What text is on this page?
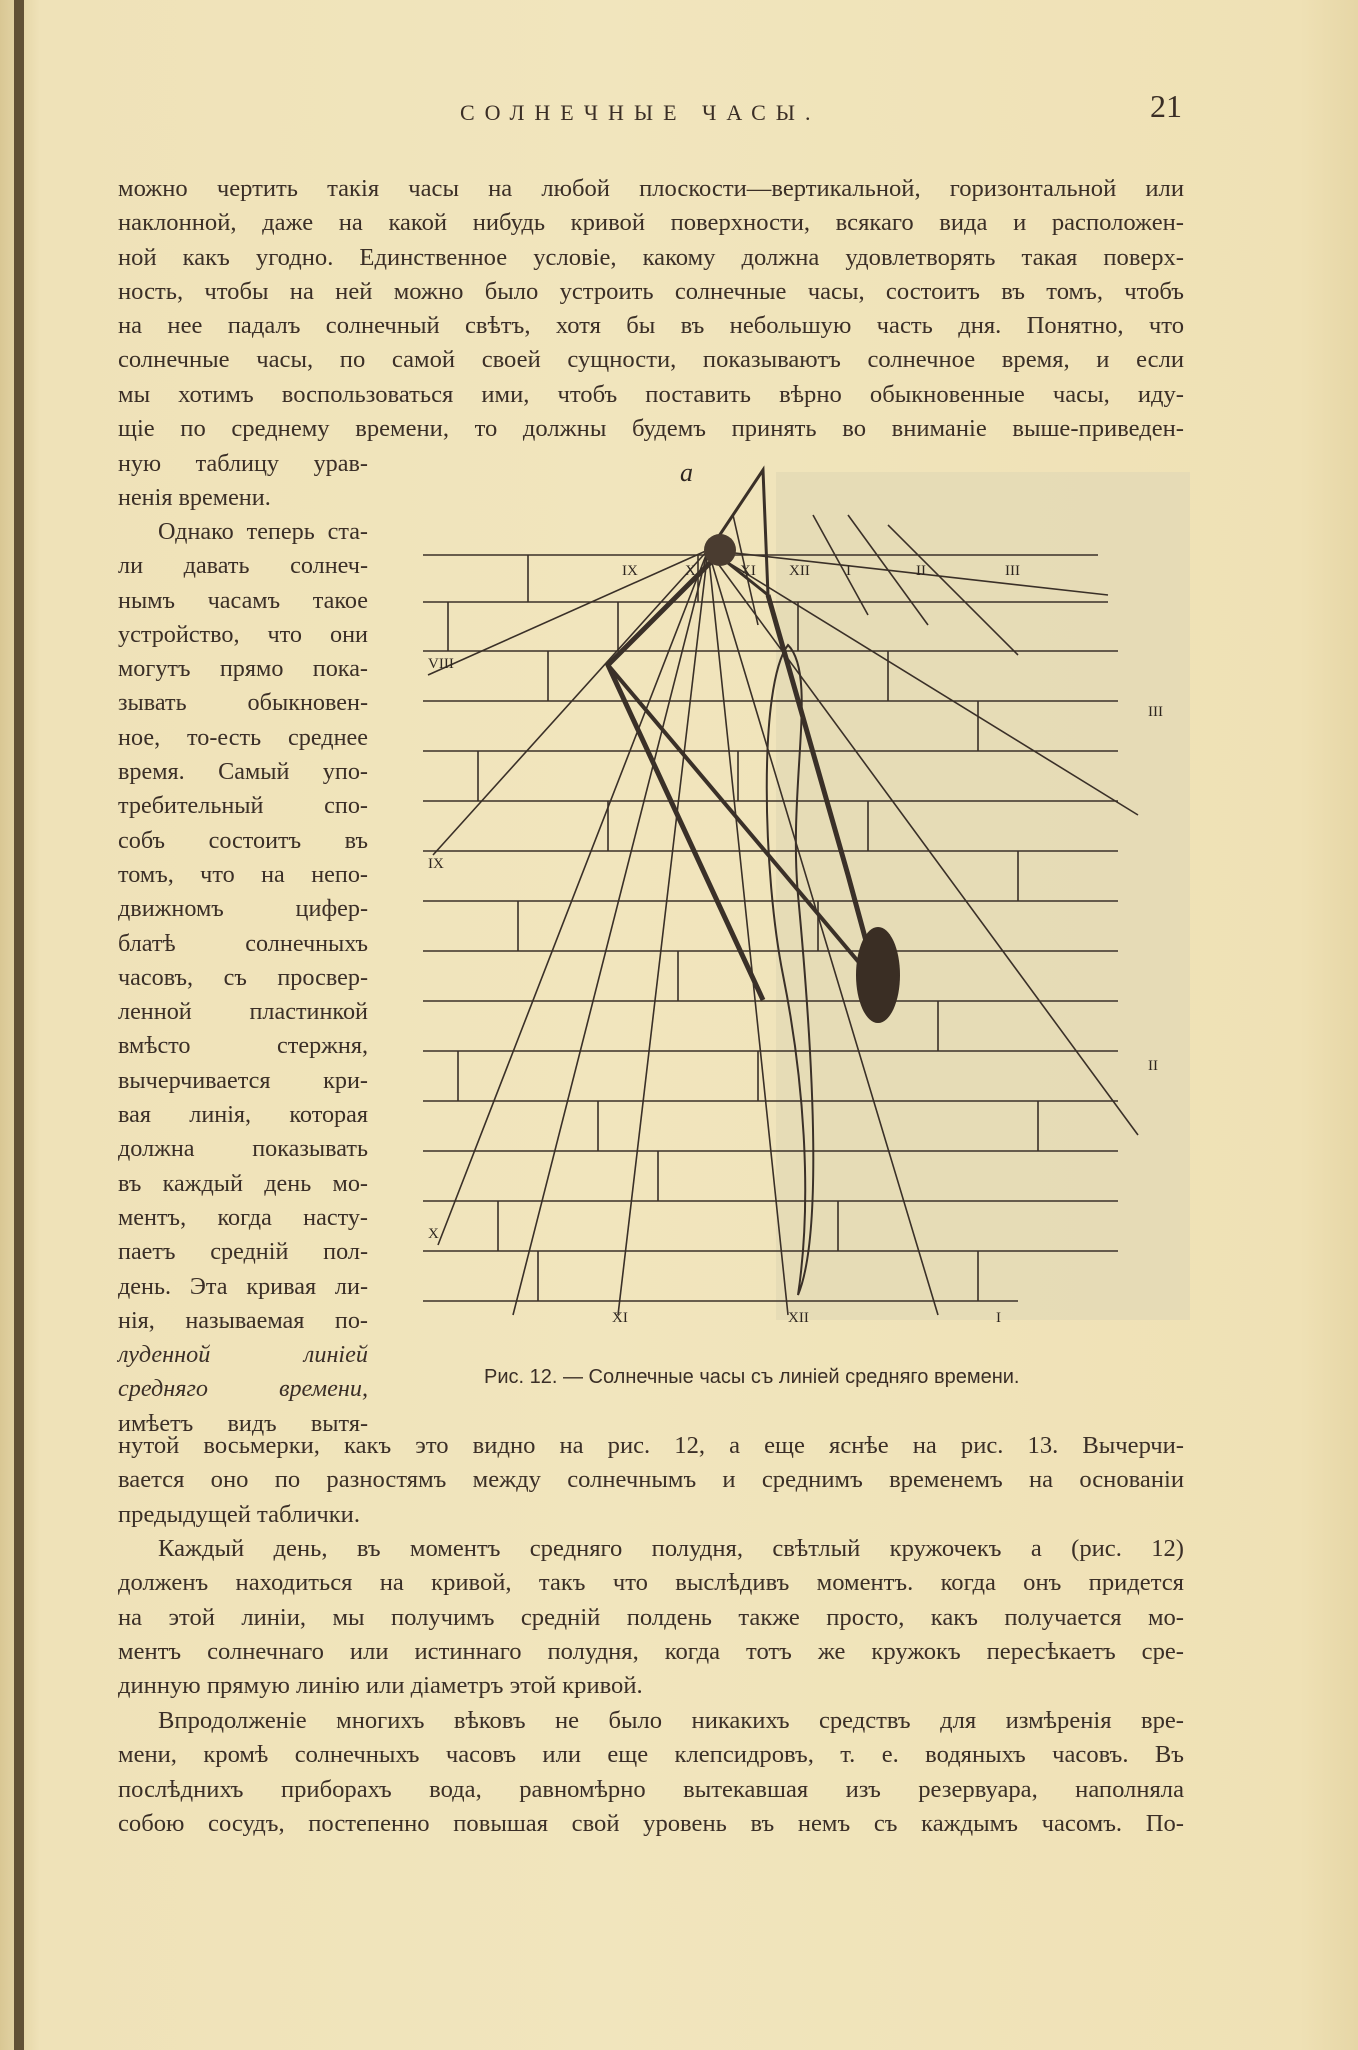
СОЛНЕЧНЫЕ ЧАСЫ.	21
можно чертить такія часы на любой плоскости—вертикальной, горизонтальной или
наклонной, даже на какой нибудь кривой поверхности, всякаго вида и расположен-
ной какъ угодно. Единственное условіе, какому должна удовлетворять такая поверх-
ность, чтобы на ней можно было устроить солнечные часы, состоитъ въ томъ, чтобъ
на нее падалъ солнечный свѣтъ, хотя бы въ небольшую часть дня. Понятно, что
солнечные часы, по самой своей сущности, показываютъ солнечное время, и если
мы хотимъ воспользоваться ими, чтобъ поставить вѣрно обыкновенные часы, иду-
щіе по среднему времени, то должны будемъ принять во вниманіе выше-приведен-
ную таблицу урав-
ненія времени.
Однако теперь ста-
ли давать солнеч-
нымъ часамъ такое
устройство, что они
могутъ прямо пока-
зывать обыкновен-
ное, то-есть среднее
время. Самый упо-
требительный спо-
собъ состоитъ въ
томъ, что на непо-
движномъ цифер-
блатѣ солнечныхъ
часовъ, съ просвер-
ленной пластинкой
вмѣсто стержня,
вычерчивается кри-
вая линія, которая
должна показывать
въ каждый день мо-
ментъ, когда насту-
паетъ средній пол-
день. Эта кривая ли-
нія, называемая по-
луденной линіей
средняго времени,
имѣетъ видъ вытя-
a
IX	X	XI XII I	II	III
VIII
III
IX
II
X
XI	XII	I
Рис. 12. — Солнечные часы съ линіей средняго времени.
нутой восьмерки, какъ это видно на рис. 12, а еще яснѣе на рис. 13. Вычерчи-
вается оно по разностямъ между солнечнымъ и среднимъ временемъ на основаніи
предыдущей таблички.
Каждый день, въ моментъ средняго полудня, свѣтлый кружочекъ a (рис. 12)
долженъ находиться на кривой, такъ что выслѣдивъ моментъ. когда онъ придется
на этой линіи, мы получимъ средній полдень также просто, какъ получается мо-
ментъ солнечнаго или истиннаго полудня, когда тотъ же кружокъ пересѣкаетъ сре-
динную прямую линію или діаметръ этой кривой.
Впродолженіе многихъ вѣковъ не было никакихъ средствъ для измѣренія вре-
мени, кромѣ солнечныхъ часовъ или еще клепсидровъ, т. е. водяныхъ часовъ. Въ
послѣднихъ приборахъ вода, равномѣрно вытекавшая изъ резервуара, наполняла
собою сосудъ, постепенно повышая свой уровень въ немъ съ каждымъ часомъ. По-
